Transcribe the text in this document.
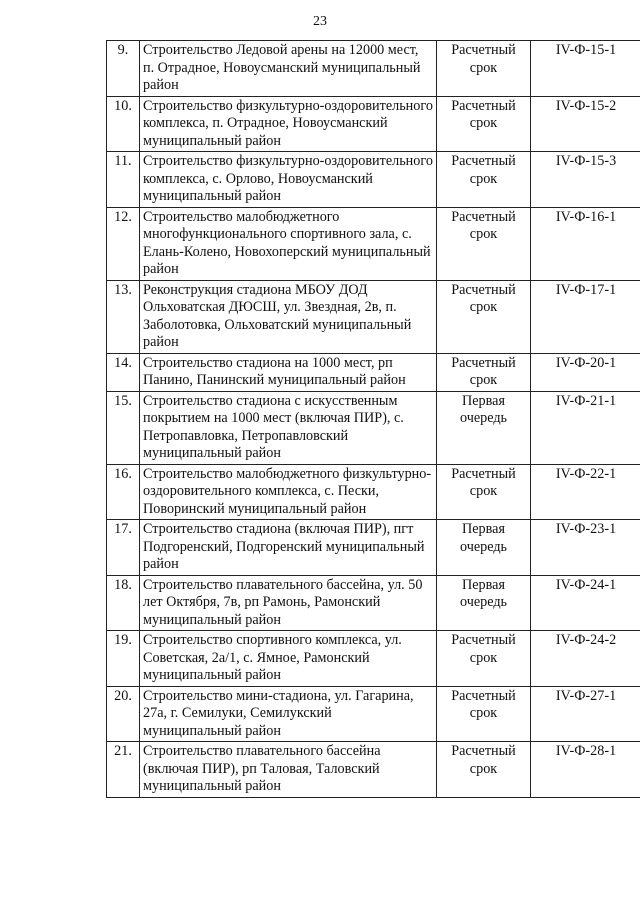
23
9.	Строительство Ледовой арены на 12000 мест, п. Отрадное, Новоусманский муниципальный район	Расчетный срок	IV-Ф-15-1
10.	Строительство физкультурно-оздоровительного комплекса, п. Отрадное, Новоусманский муниципальный район	Расчетный срок	IV-Ф-15-2
11.	Строительство физкультурно-оздоровительного комплекса, с. Орлово, Новоусманский муниципальный район	Расчетный срок	IV-Ф-15-3
12.	Строительство малобюджетного многофункционального спортивного зала, с. Елань-Колено, Новохоперский муниципальный район	Расчетный срок	IV-Ф-16-1
13.	Реконструкция стадиона МБОУ ДОД Ольховатская ДЮСШ, ул. Звездная, 2в, п. Заболотовка, Ольховатский муниципальный район	Расчетный срок	IV-Ф-17-1
14.	Строительство стадиона на 1000 мест, рп Панино, Панинский муниципальный район	Расчетный срок	IV-Ф-20-1
15.	Строительство стадиона с искусственным покрытием на 1000 мест (включая ПИР), с. Петропавловка, Петропавловский муниципальный район	Первая очередь	IV-Ф-21-1
16.	Строительство малобюджетного физкультурно-оздоровительного комплекса, с. Пески, Поворинский муниципальный район	Расчетный срок	IV-Ф-22-1
17.	Строительство стадиона (включая ПИР), пгт Подгоренский, Подгоренский муниципальный район	Первая очередь	IV-Ф-23-1
18.	Строительство плавательного бассейна, ул. 50 лет Октября, 7в, рп Рамонь, Рамонский муниципальный район	Первая очередь	IV-Ф-24-1
19.	Строительство спортивного комплекса, ул. Советская, 2а/1, с. Ямное, Рамонский муниципальный район	Расчетный срок	IV-Ф-24-2
20.	Строительство мини-стадиона, ул. Гагарина, 27а, г. Семилуки, Семилукский муниципальный район	Расчетный срок	IV-Ф-27-1
21.	Строительство плавательного бассейна (включая ПИР), рп Таловая, Таловский муниципальный район	Расчетный срок	IV-Ф-28-1
